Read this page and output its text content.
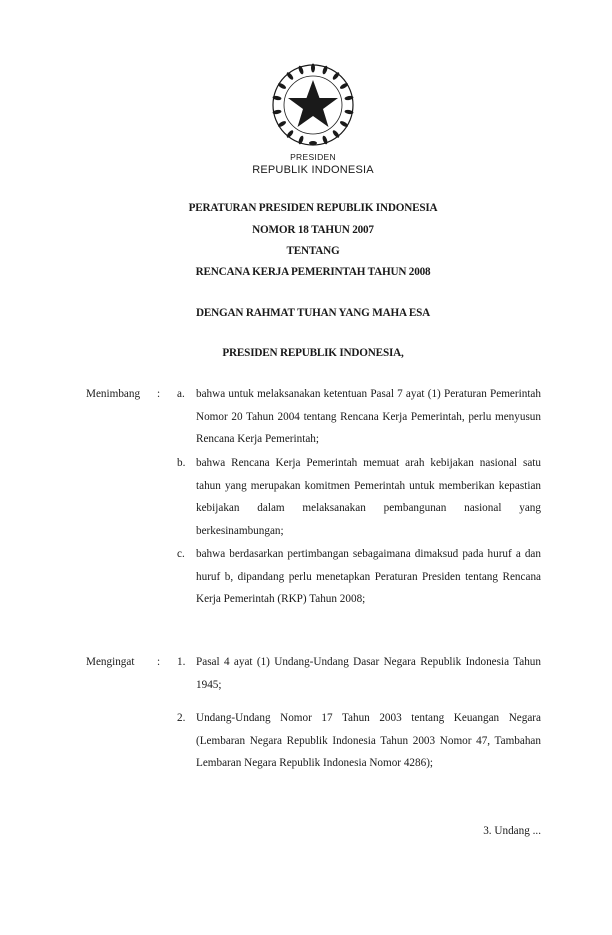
PRESIDEN
REPUBLIK INDONESIA
PERATURAN PRESIDEN REPUBLIK INDONESIA
NOMOR 18 TAHUN 2007
TENTANG
RENCANA KERJA PEMERINTAH TAHUN 2008
DENGAN RAHMAT TUHAN YANG MAHA ESA
PRESIDEN REPUBLIK INDONESIA,
Menimbang : a. bahwa untuk melaksanakan ketentuan Pasal 7 ayat (1) Peraturan Pemerintah Nomor 20 Tahun 2004 tentang Rencana Kerja Pemerintah, perlu menyusun Rencana Kerja Pemerintah;
b. bahwa Rencana Kerja Pemerintah memuat arah kebijakan nasional satu tahun yang merupakan komitmen Pemerintah untuk memberikan kepastian kebijakan dalam melaksanakan pembangunan nasional yang berkesinambungan;
c. bahwa berdasarkan pertimbangan sebagaimana dimaksud pada huruf a dan huruf b, dipandang perlu menetapkan Peraturan Presiden tentang Rencana Kerja Pemerintah (RKP) Tahun 2008;
Mengingat : 1. Pasal 4 ayat (1) Undang-Undang Dasar Negara Republik Indonesia Tahun 1945;
2. Undang-Undang Nomor 17 Tahun 2003 tentang Keuangan Negara (Lembaran Negara Republik Indonesia Tahun 2003 Nomor 47, Tambahan Lembaran Negara Republik Indonesia Nomor 4286);
3. Undang ...
